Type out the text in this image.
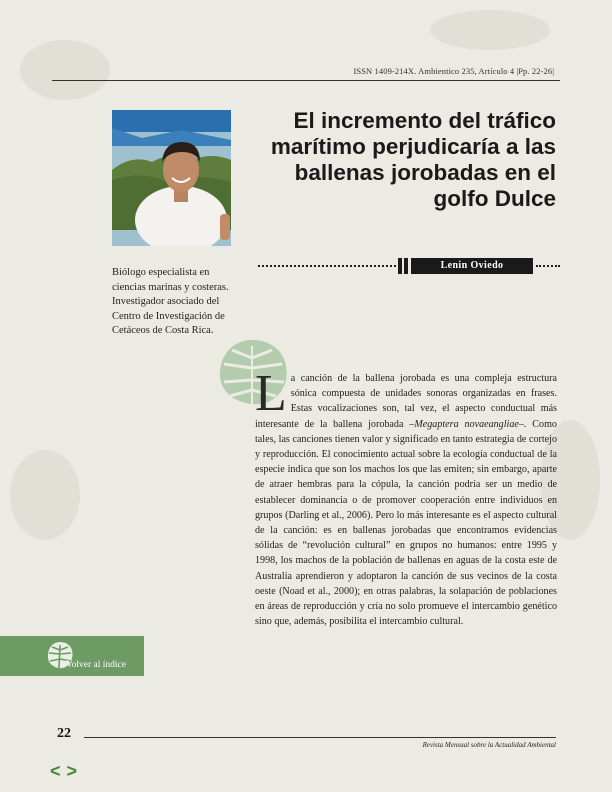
ISSN 1409-214X. Ambientico 235, Artículo 4 |Pp. 22-26|
El incremento del tráfico marítimo perjudicaría a las ballenas jorobadas en el golfo Dulce
Lenin Oviedo
Biólogo especialista en ciencias marinas y costeras. Investigador asociado del Centro de Investigación de Cetáceos de Costa Rica.

La canción de la ballena jorobada es una compleja estructura sónica compuesta de unidades sonoras organizadas en frases. Estas vocalizaciones son, tal vez, el aspecto conductual más interesante de la ballena jorobada –Megaptera novaeangliae–. Como tales, las canciones tienen valor y significado en tanto estrategia de cortejo y reproducción. El conocimiento actual sobre la ecología conductual de la especie indica que son los machos los que las emiten; sin embargo, aparte de atraer hembras para la cópula, la canción podría ser un medio de establecer dominancia o de promover cooperación entre individuos en grupos (Darling et al., 2006). Pero lo más interesante es el aspecto cultural de la canción: es en ballenas jorobadas que encontramos evidencias sólidas de “revolución cultural” en grupos no humanos: entre 1995 y 1998, los machos de la población de ballenas en aguas de la costa este de Australia aprendieron y adoptaron la canción de sus vecinos de la costa oeste (Noad et al., 2000); en otras palabras, la solapación de poblaciones en áreas de reproducción y cría no solo promueve el intercambio genético sino que, además, posibilita el intercambio cultural.

Volver al índice
22
Revista Mensual sobre la Actualidad Ambiental
< >
